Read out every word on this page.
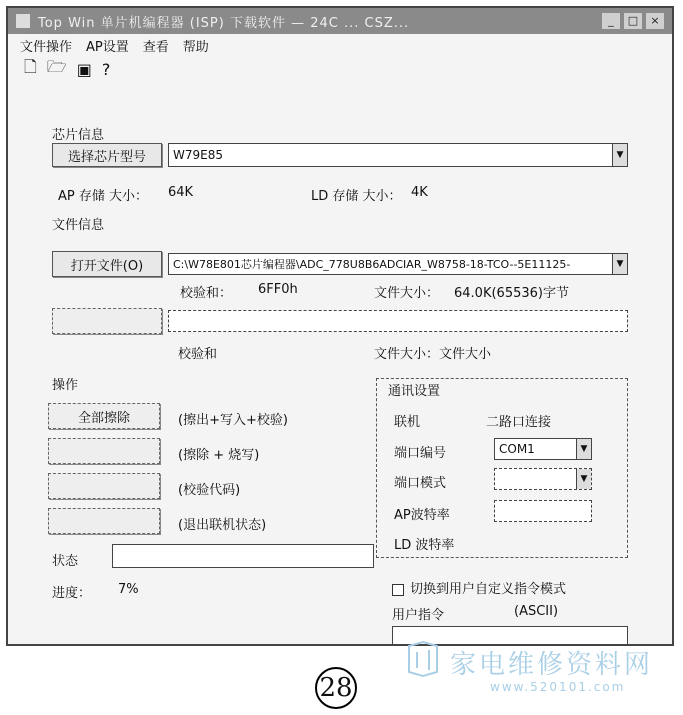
Top Win 单片机编程器 (ISP) 下载软件 — 24C ... CSZ...	_	□	×
文件操作 AP设置 查看 帮助
🗋 🗁 ▣ ?
芯片信息
选择芯片型号	W79E85	▼
AP 存储 大小： 64K	LD 存储 大小： 4K
文件信息
打开文件(O)	C:\W78E801芯片编程器\ADC_778U8B6ADCIAR_W8758-18-TCO--5E11125-	▼
校验和： 6FF0h	文件大小： 64.0K(65536)字节
校验和	文件大小：文件大小
操作
全部擦除	(擦出+写入+校验)
(擦除 + 烧写)
(校验代码)
(退出联机状态)
通讯设置
联机	二路口连接
端口编号	COM1	▼
端口模式	▼
AP波特率
LD 波特率
状态
进度： 7%	切换到用户自定义指令模式
用户指令	(ASCII)
家电维修资料网
www.520101.com
28
